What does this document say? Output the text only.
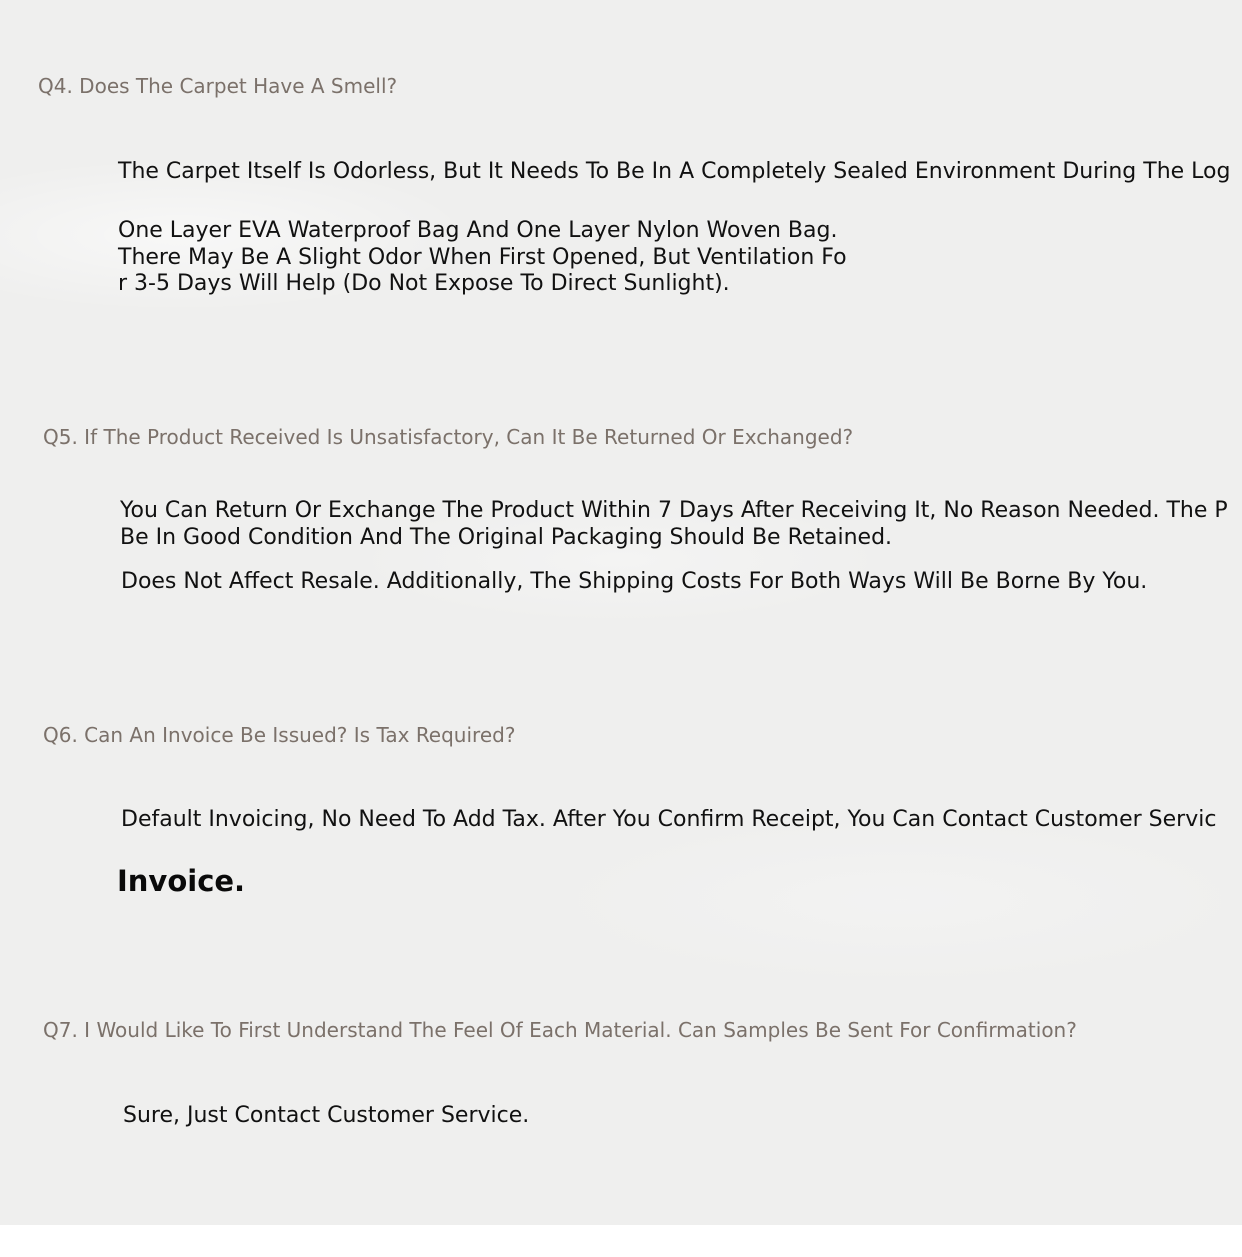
Q4. Does The Carpet Have A Smell?

The Carpet Itself Is Odorless, But It Needs To Be In A Completely Sealed Environment During The Log

One Layer EVA Waterproof Bag And One Layer Nylon Woven Bag.

There May Be A Slight Odor When First Opened, But Ventilation Fo

r 3-5 Days Will Help (Do Not Expose To Direct Sunlight).

Q5. If The Product Received Is Unsatisfactory, Can It Be Returned Or Exchanged?

You Can Return Or Exchange The Product Within 7 Days After Receiving It, No Reason Needed. The P

Be In Good Condition And The Original Packaging Should Be Retained.

Does Not Affect Resale. Additionally, The Shipping Costs For Both Ways Will Be Borne By You.

Q6. Can An Invoice Be Issued? Is Tax Required?

Default Invoicing, No Need To Add Tax. After You Confirm Receipt, You Can Contact Customer Servic

Invoice.

Q7. I Would Like To First Understand The Feel Of Each Material. Can Samples Be Sent For Confirmation?

Sure, Just Contact Customer Service.
